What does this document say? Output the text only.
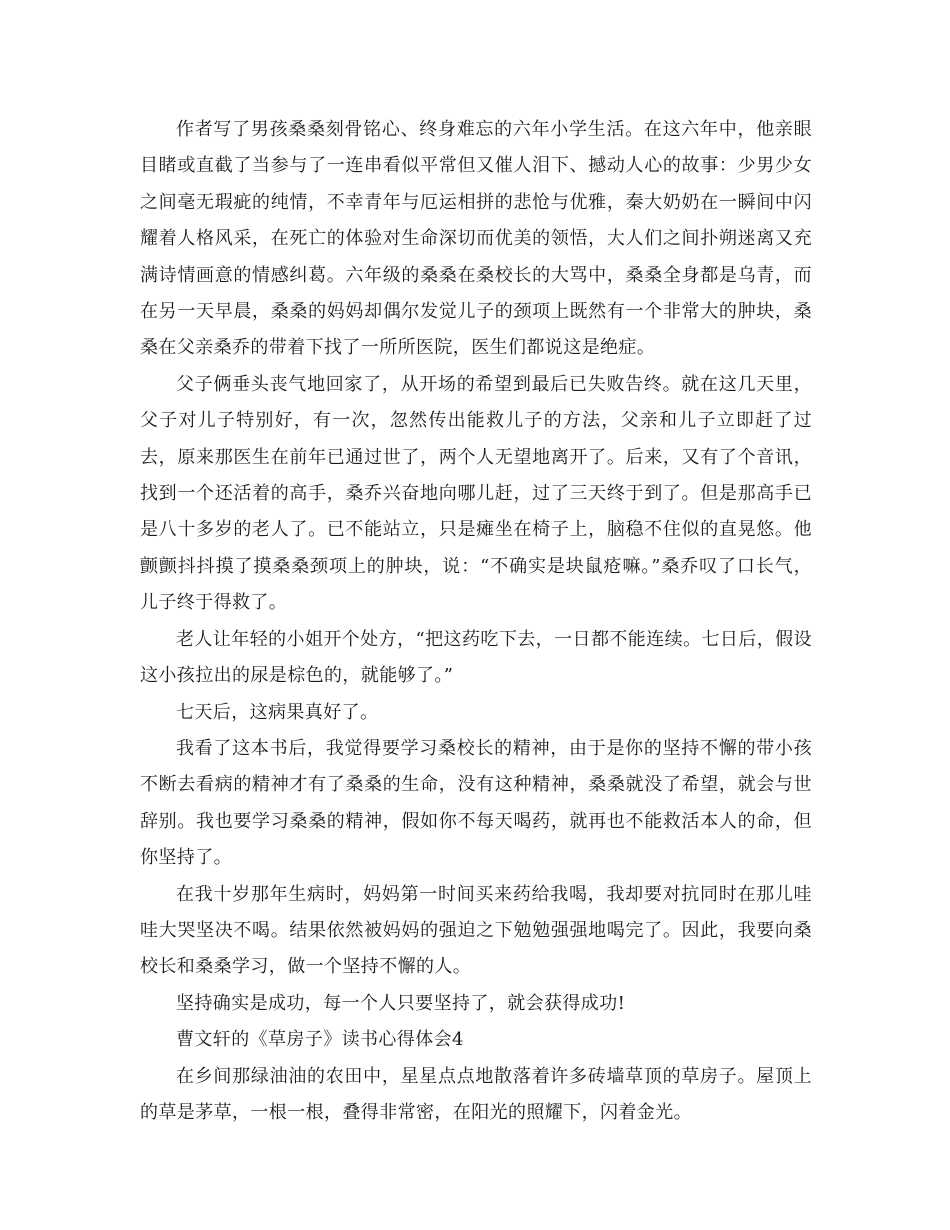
作者写了男孩桑桑刻骨铭心、终身难忘的六年小学生活。在这六年中，他亲眼目睹或直截了当参与了一连串看似平常但又催人泪下、撼动人心的故事：少男少女之间毫无瑕疵的纯情，不幸青年与厄运相拼的悲怆与优雅，秦大奶奶在一瞬间中闪耀着人格风采，在死亡的体验对生命深切而优美的领悟，大人们之间扑朔迷离又充满诗情画意的情感纠葛。六年级的桑桑在桑校长的大骂中，桑桑全身都是乌青，而在另一天早晨，桑桑的妈妈却偶尔发觉儿子的颈项上既然有一个非常大的肿块，桑桑在父亲桑乔的带着下找了一所所医院，医生们都说这是绝症。

父子俩垂头丧气地回家了，从开场的希望到最后已失败告终。就在这几天里，父子对儿子特别好，有一次，忽然传出能救儿子的方法，父亲和儿子立即赶了过去，原来那医生在前年已通过世了，两个人无望地离开了。后来，又有了个音讯，找到一个还活着的高手，桑乔兴奋地向哪儿赶，过了三天终于到了。但是那高手已是八十多岁的老人了。已不能站立，只是瘫坐在椅子上，脑稳不住似的直晃悠。他颤颤抖抖摸了摸桑桑颈项上的肿块，说：“不确实是块鼠疮嘛。”桑乔叹了口长气，儿子终于得救了。

老人让年轻的小姐开个处方，“把这药吃下去，一日都不能连续。七日后，假设这小孩拉出的尿是棕色的，就能够了。”

七天后，这病果真好了。

我看了这本书后，我觉得要学习桑校长的精神，由于是你的坚持不懈的带小孩不断去看病的精神才有了桑桑的生命，没有这种精神，桑桑就没了希望，就会与世辞别。我也要学习桑桑的精神，假如你不每天喝药，就再也不能救活本人的命，但你坚持了。

在我十岁那年生病时，妈妈第一时间买来药给我喝，我却要对抗同时在那儿哇哇大哭坚决不喝。结果依然被妈妈的强迫之下勉勉强强地喝完了。因此，我要向桑校长和桑桑学习，做一个坚持不懈的人。

坚持确实是成功，每一个人只要坚持了，就会获得成功!

曹文轩的《草房子》读书心得体会4

在乡间那绿油油的农田中，星星点点地散落着许多砖墙草顶的草房子。屋顶上的草是茅草，一根一根，叠得非常密，在阳光的照耀下，闪着金光。
